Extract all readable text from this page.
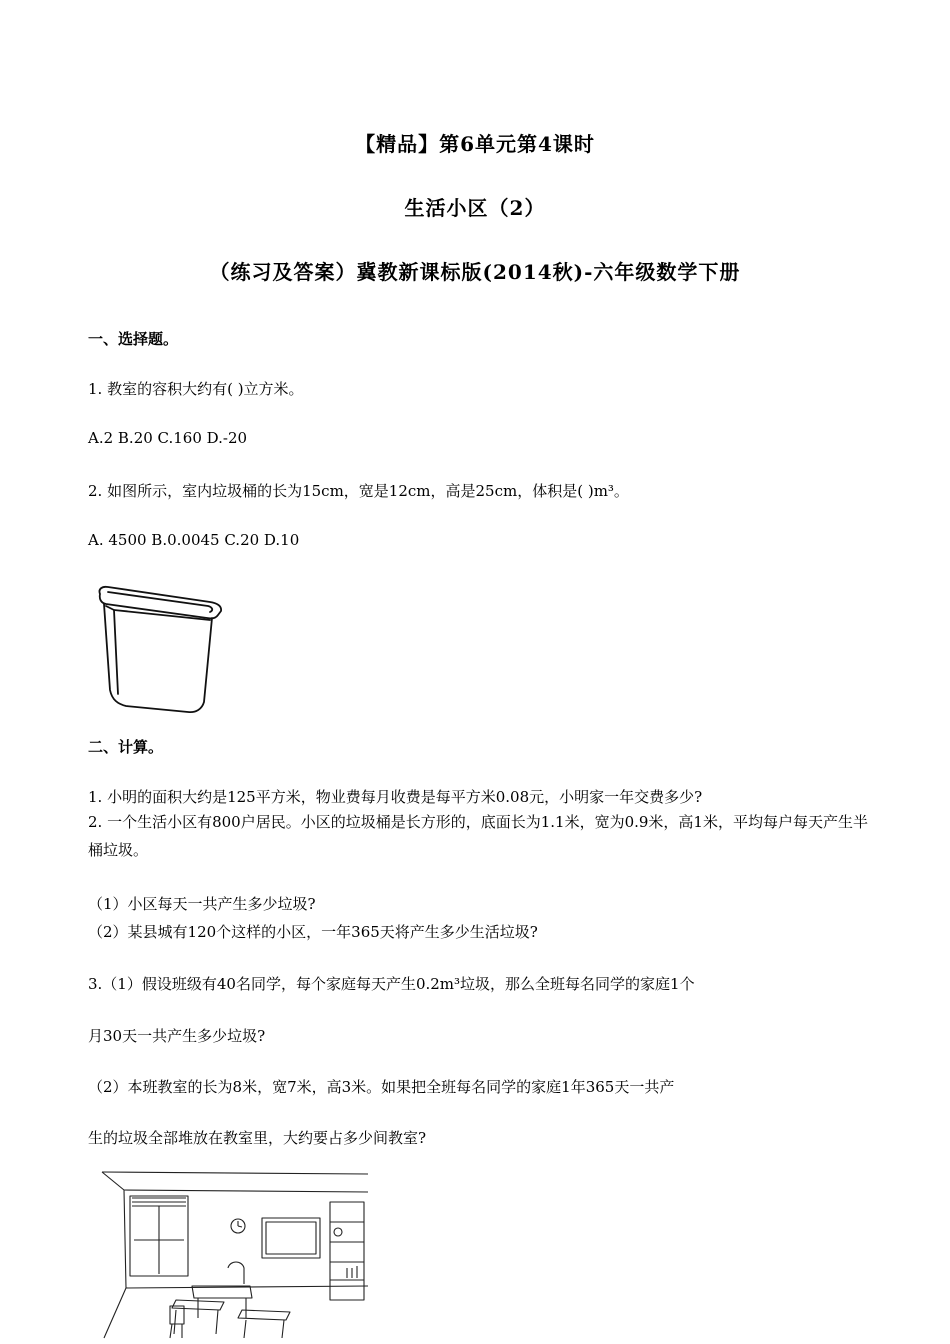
【精品】第6单元第4课时
生活小区（2）
（练习及答案）冀教新课标版(2014秋)-六年级数学下册
一、选择题。
1. 教室的容积大约有( )立方米。
A.2 B.20 C.160 D.-20
2. 如图所示，室内垃圾桶的长为15cm，宽是12cm，高是25cm，体积是( )m³。
A. 4500 B.0.0045 C.20 D.10
二、计算。
1. 小明的面积大约是125平方米，物业费每月收费是每平方米0.08元，小明家一年交费多少?
2. 一个生活小区有800户居民。小区的垃圾桶是长方形的，底面长为1.1米，宽为0.9米，高1米，平均每户每天产生半桶垃圾。
（1）小区每天一共产生多少垃圾?
（2）某县城有120个这样的小区，一年365天将产生多少生活垃圾?
3.（1）假设班级有40名同学，每个家庭每天产生0.2m³垃圾，那么全班每名同学的家庭1个
月30天一共产生多少垃圾?
（2）本班教室的长为8米，宽7米，高3米。如果把全班每名同学的家庭1年365天一共产
生的垃圾全部堆放在教室里，大约要占多少间教室?
